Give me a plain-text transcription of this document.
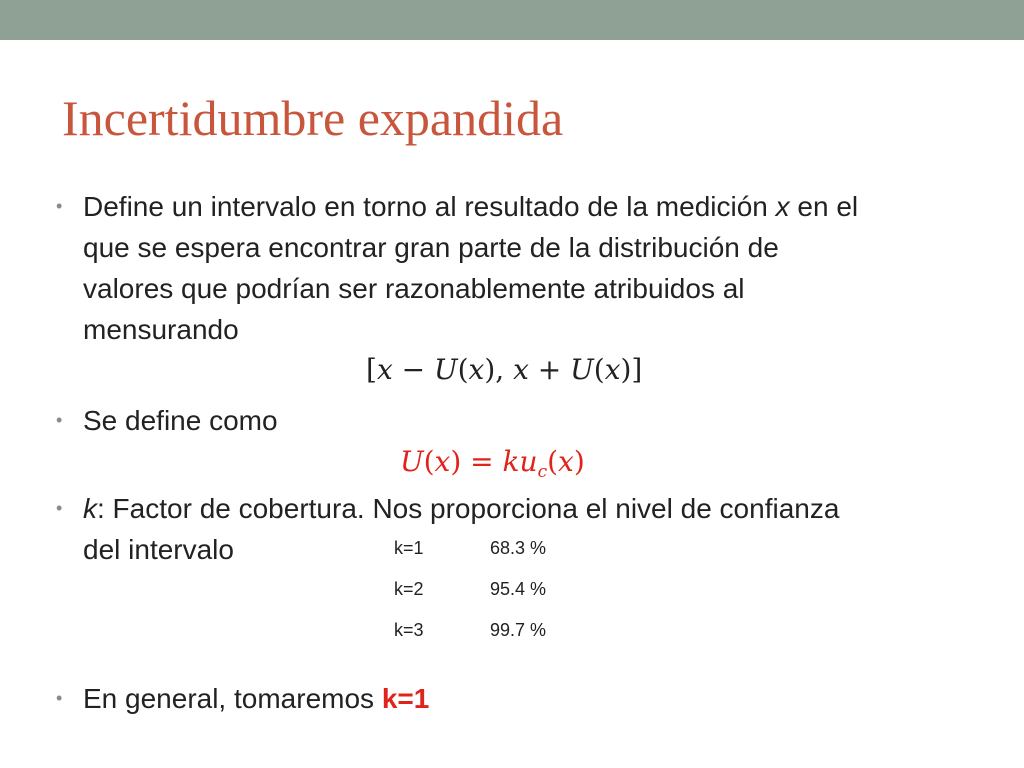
Incertidumbre expandida
• Define un intervalo en torno al resultado de la medición x en el
que se espera encontrar gran parte de la distribución de
valores que podrían ser razonablemente atribuidos al
mensurando
[x − U(x), x + U(x)]
• Se define como
$U(x) = ku_c(x)$
• k: Factor de cobertura. Nos proporciona el nivel de confianza
del intervalo	k=1	68.3 %
k=2	95.4 %
k=3	99.7 %
• En general, tomaremos k=1
